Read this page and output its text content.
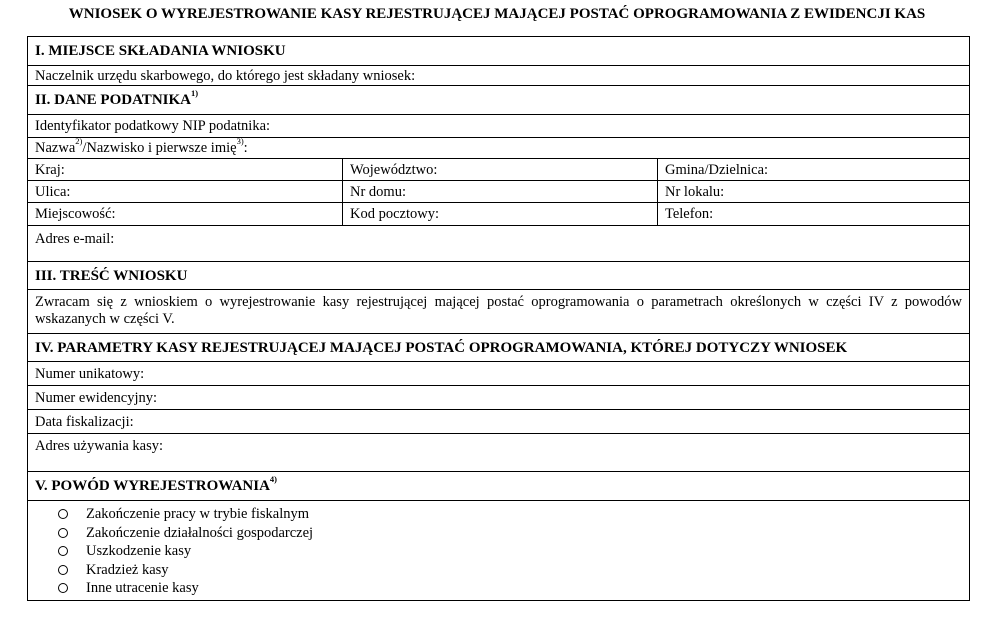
WNIOSEK O WYREJESTROWANIE KASY REJESTRUJĄCEJ MAJĄCEJ POSTAĆ OPROGRAMOWANIA Z EWIDENCJI KAS
I. MIEJSCE SKŁADANIA WNIOSKU
Naczelnik urzędu skarbowego, do którego jest składany wniosek:
II. DANE PODATNIKA$^{1)}$
Identyfikator podatkowy NIP podatnika:
Nazwa$^{2)}$/Nazwisko i pierwsze imię$^{3)}$:
Kraj:	Województwo:	Gmina/Dzielnica:
Ulica:	Nr domu:	Nr lokalu:
Miejscowość:	Kod pocztowy:	Telefon:
Adres e-mail:
III. TREŚĆ WNIOSKU
Zwracam się z wnioskiem o wyrejestrowanie kasy rejestrującej mającej postać oprogramowania o parametrach określonych w części IV z powodów wskazanych w części V.
IV. PARAMETRY KASY REJESTRUJĄCEJ MAJĄCEJ POSTAĆ OPROGRAMOWANIA, KTÓREJ DOTYCZY WNIOSEK
Numer unikatowy:
Numer ewidencyjny:
Data fiskalizacji:
Adres używania kasy:
V. POWÓD WYREJESTROWANIA$^{4)}$
Zakończenie pracy w trybie fiskalnym
Zakończenie działalności gospodarczej
Uszkodzenie kasy
Kradzież kasy
Inne utracenie kasy
